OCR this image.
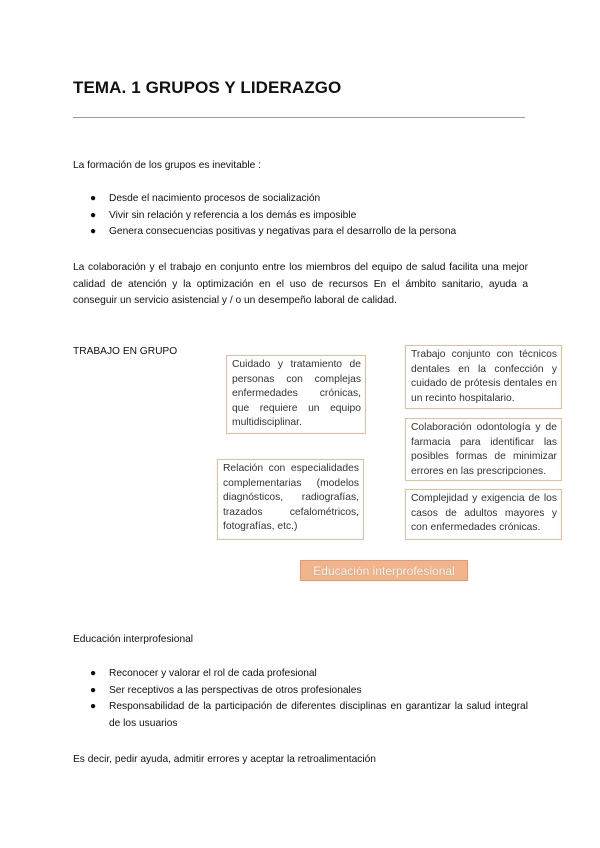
TEMA. 1 GRUPOS Y LIDERAZGO
La formación de los grupos es inevitable :
● Desde el nacimiento procesos de socialización
● Vivir sin relación y referencia a los demás es imposible
● Genera consecuencias positivas y negativas para el desarrollo de la persona
La colaboración y el trabajo en conjunto entre los miembros del equipo de salud facilita una mejor calidad de atención y la optimización en el uso de recursos En el ámbito sanitario, ayuda a conseguir un servicio asistencial y / o un desempeño laboral de calidad.
TRABAJO EN GRUPO
Cuidado y tratamiento de personas con complejas enfermedades crónicas, que requiere un equipo multidisciplinar.
Trabajo conjunto con técnicos dentales en la confección y cuidado de prótesis dentales en un recinto hospitalario.
Colaboración odontología y de farmacia para identificar las posibles formas de minimizar errores en las prescripciones.
Relación con especialidades complementarias (modelos diagnósticos, radiografías, trazados cefalométricos, fotografías, etc.)
Complejidad y exigencia de los casos de adultos mayores y con enfermedades crónicas.
Educación interprofesional
Educación interprofesional
● Reconocer y valorar el rol de cada profesional
● Ser receptivos a las perspectivas de otros profesionales
● Responsabilidad de la participación de diferentes disciplinas en garantizar la salud integral de los usuarios
Es decir, pedir ayuda, admitir errores y aceptar la retroalimentación
